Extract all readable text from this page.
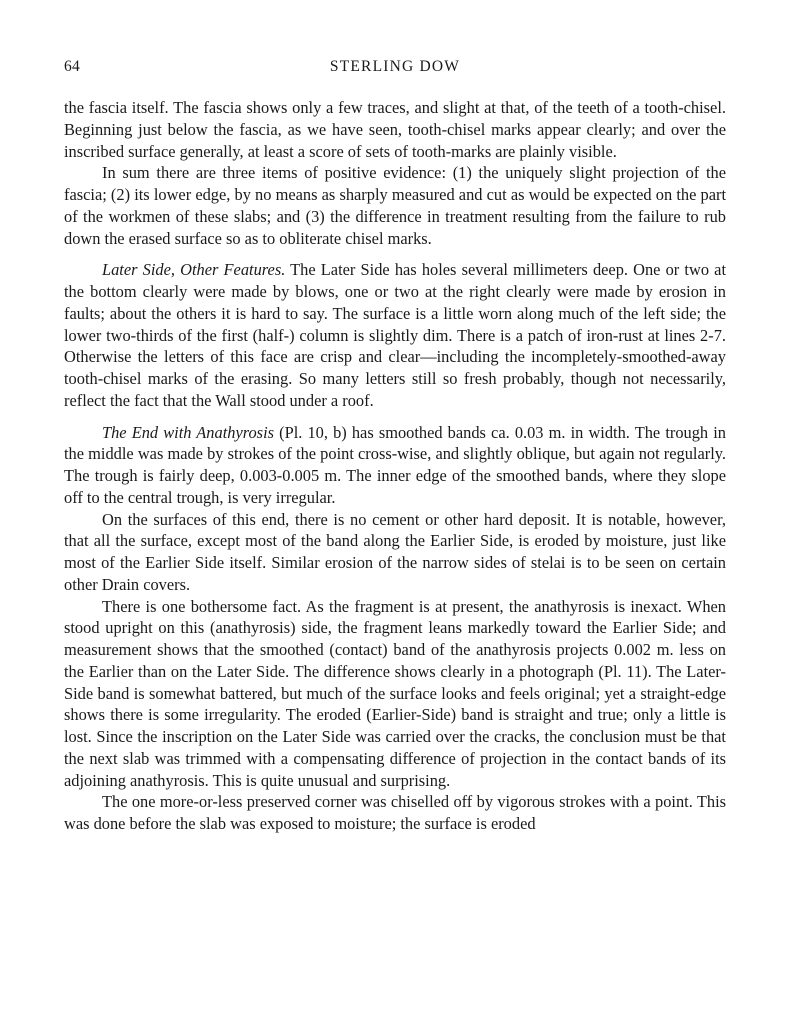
64	STERLING DOW

the fascia itself. The fascia shows only a few traces, and slight at that, of the teeth of a tooth-chisel. Beginning just below the fascia, as we have seen, tooth-chisel marks appear clearly; and over the inscribed surface generally, at least a score of sets of tooth-marks are plainly visible.

In sum there are three items of positive evidence: (1) the uniquely slight projection of the fascia; (2) its lower edge, by no means as sharply measured and cut as would be expected on the part of the workmen of these slabs; and (3) the difference in treatment resulting from the failure to rub down the erased surface so as to obliterate chisel marks.

Later Side, Other Features. The Later Side has holes several millimeters deep. One or two at the bottom clearly were made by blows, one or two at the right clearly were made by erosion in faults; about the others it is hard to say. The surface is a little worn along much of the left side; the lower two-thirds of the first (half-) column is slightly dim. There is a patch of iron-rust at lines 2-7. Otherwise the letters of this face are crisp and clear—including the incompletely-smoothed-away tooth-chisel marks of the erasing. So many letters still so fresh probably, though not necessarily, reflect the fact that the Wall stood under a roof.

The End with Anathyrosis (Pl. 10, b) has smoothed bands ca. 0.03 m. in width. The trough in the middle was made by strokes of the point cross-wise, and slightly oblique, but again not regularly. The trough is fairly deep, 0.003-0.005 m. The inner edge of the smoothed bands, where they slope off to the central trough, is very irregular.

On the surfaces of this end, there is no cement or other hard deposit. It is notable, however, that all the surface, except most of the band along the Earlier Side, is eroded by moisture, just like most of the Earlier Side itself. Similar erosion of the narrow sides of stelai is to be seen on certain other Drain covers.

There is one bothersome fact. As the fragment is at present, the anathyrosis is inexact. When stood upright on this (anathyrosis) side, the fragment leans markedly toward the Earlier Side; and measurement shows that the smoothed (contact) band of the anathyrosis projects 0.002 m. less on the Earlier than on the Later Side. The difference shows clearly in a photograph (Pl. 11). The Later-Side band is somewhat battered, but much of the surface looks and feels original; yet a straight-edge shows there is some irregularity. The eroded (Earlier-Side) band is straight and true; only a little is lost. Since the inscription on the Later Side was carried over the cracks, the conclusion must be that the next slab was trimmed with a compensating difference of projection in the contact bands of its adjoining anathyrosis. This is quite unusual and surprising.

The one more-or-less preserved corner was chiselled off by vigorous strokes with a point. This was done before the slab was exposed to moisture; the surface is eroded
